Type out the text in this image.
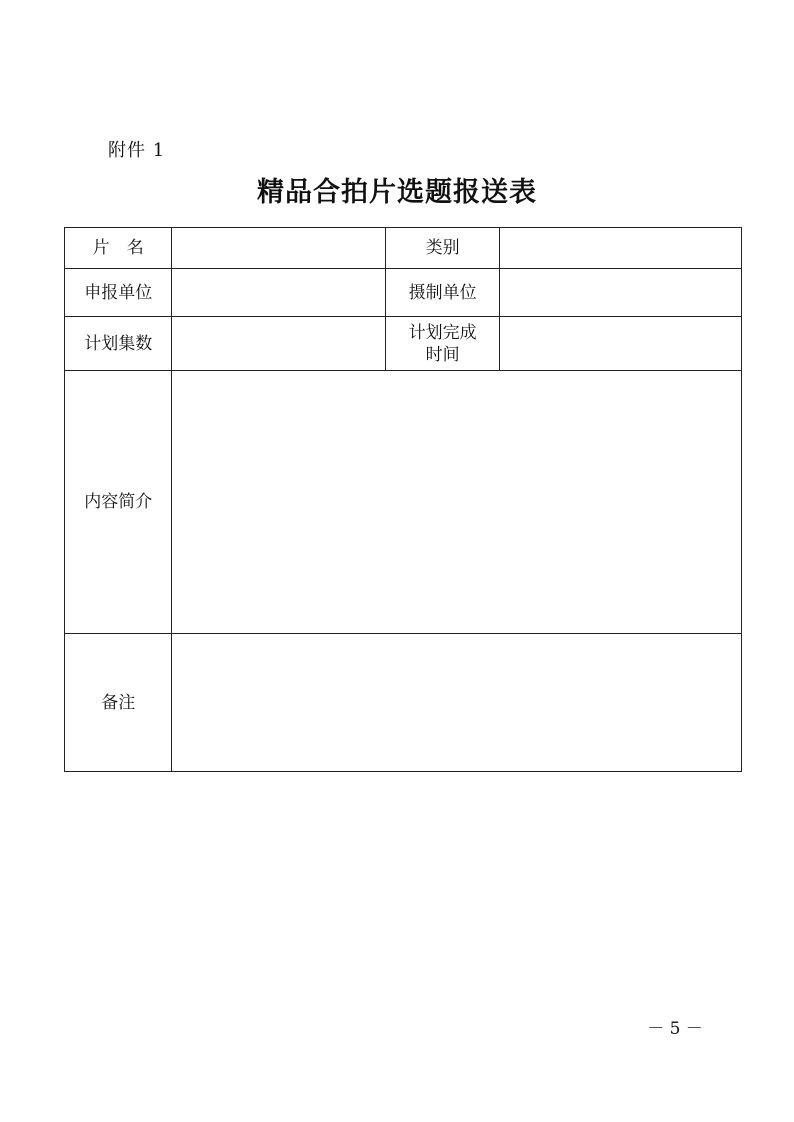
附件 1
精品合拍片选题报送表
片　名		类别	
申报单位		摄制单位	
计划集数		计划完成
时间	
内容简介			
备注			
－ 5 －
